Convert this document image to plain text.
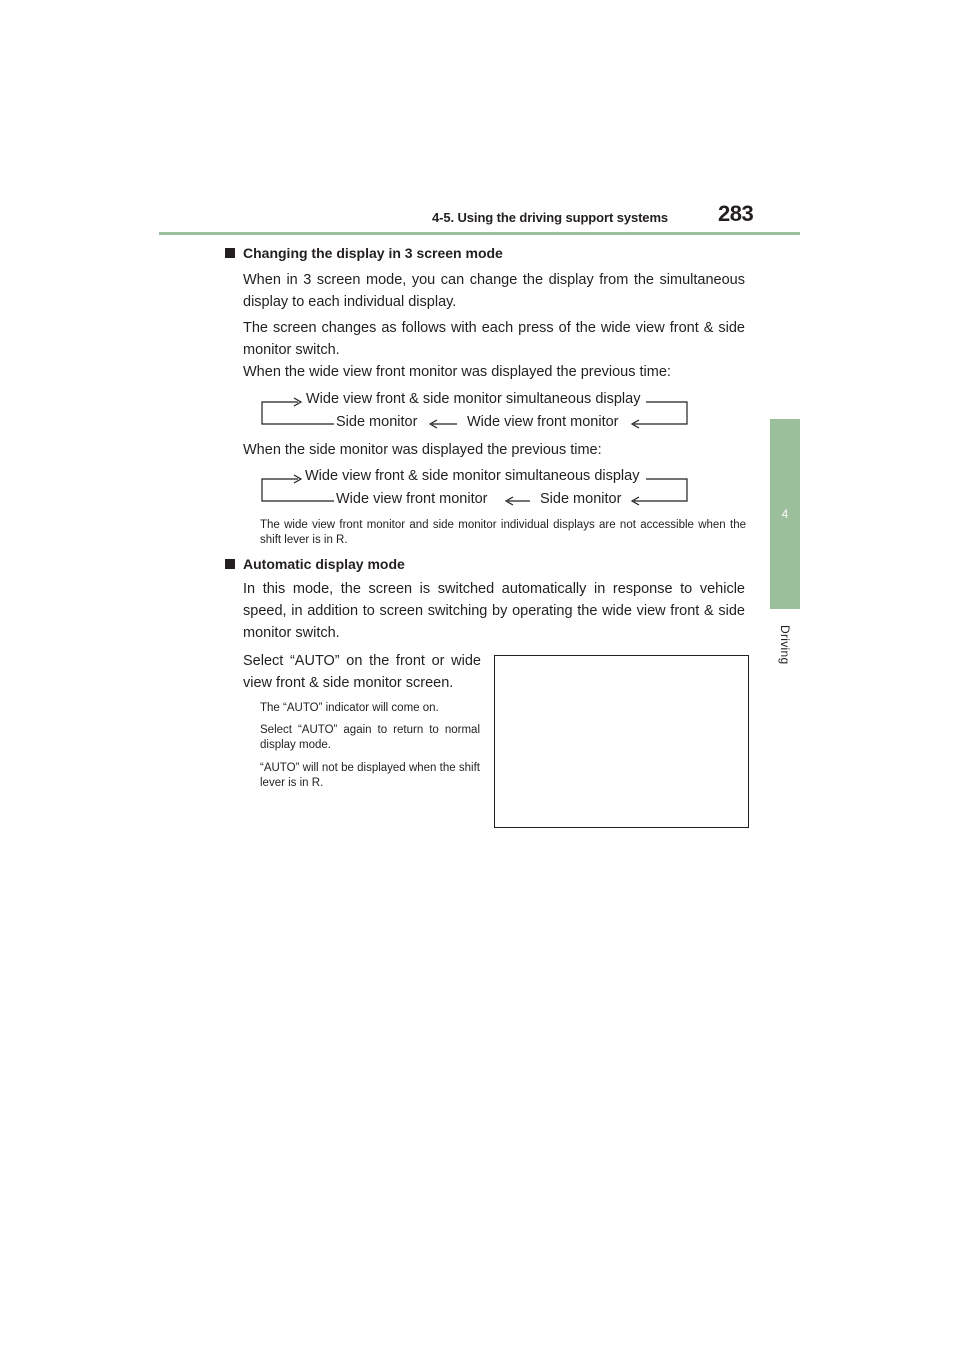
4-5. Using the driving support systems 283
4
Driving
Changing the display in 3 screen mode
When in 3 screen mode, you can change the display from the simultaneous display to each individual display.
The screen changes as follows with each press of the wide view front & side monitor switch.
When the wide view front monitor was displayed the previous time:
Wide view front & side monitor simultaneous display
Side monitor	Wide view front monitor
When the side monitor was displayed the previous time:
Wide view front & side monitor simultaneous display
Wide view front monitor	Side monitor
The wide view front monitor and side monitor individual displays are not accessible when the shift lever is in R.
Automatic display mode
In this mode, the screen is switched automatically in response to vehicle speed, in addition to screen switching by operating the wide view front & side monitor switch.
Select “AUTO” on the front or wide view front & side monitor screen.
The “AUTO” indicator will come on.
Select “AUTO” again to return to normal display mode.
“AUTO” will not be displayed when the shift lever is in R.
